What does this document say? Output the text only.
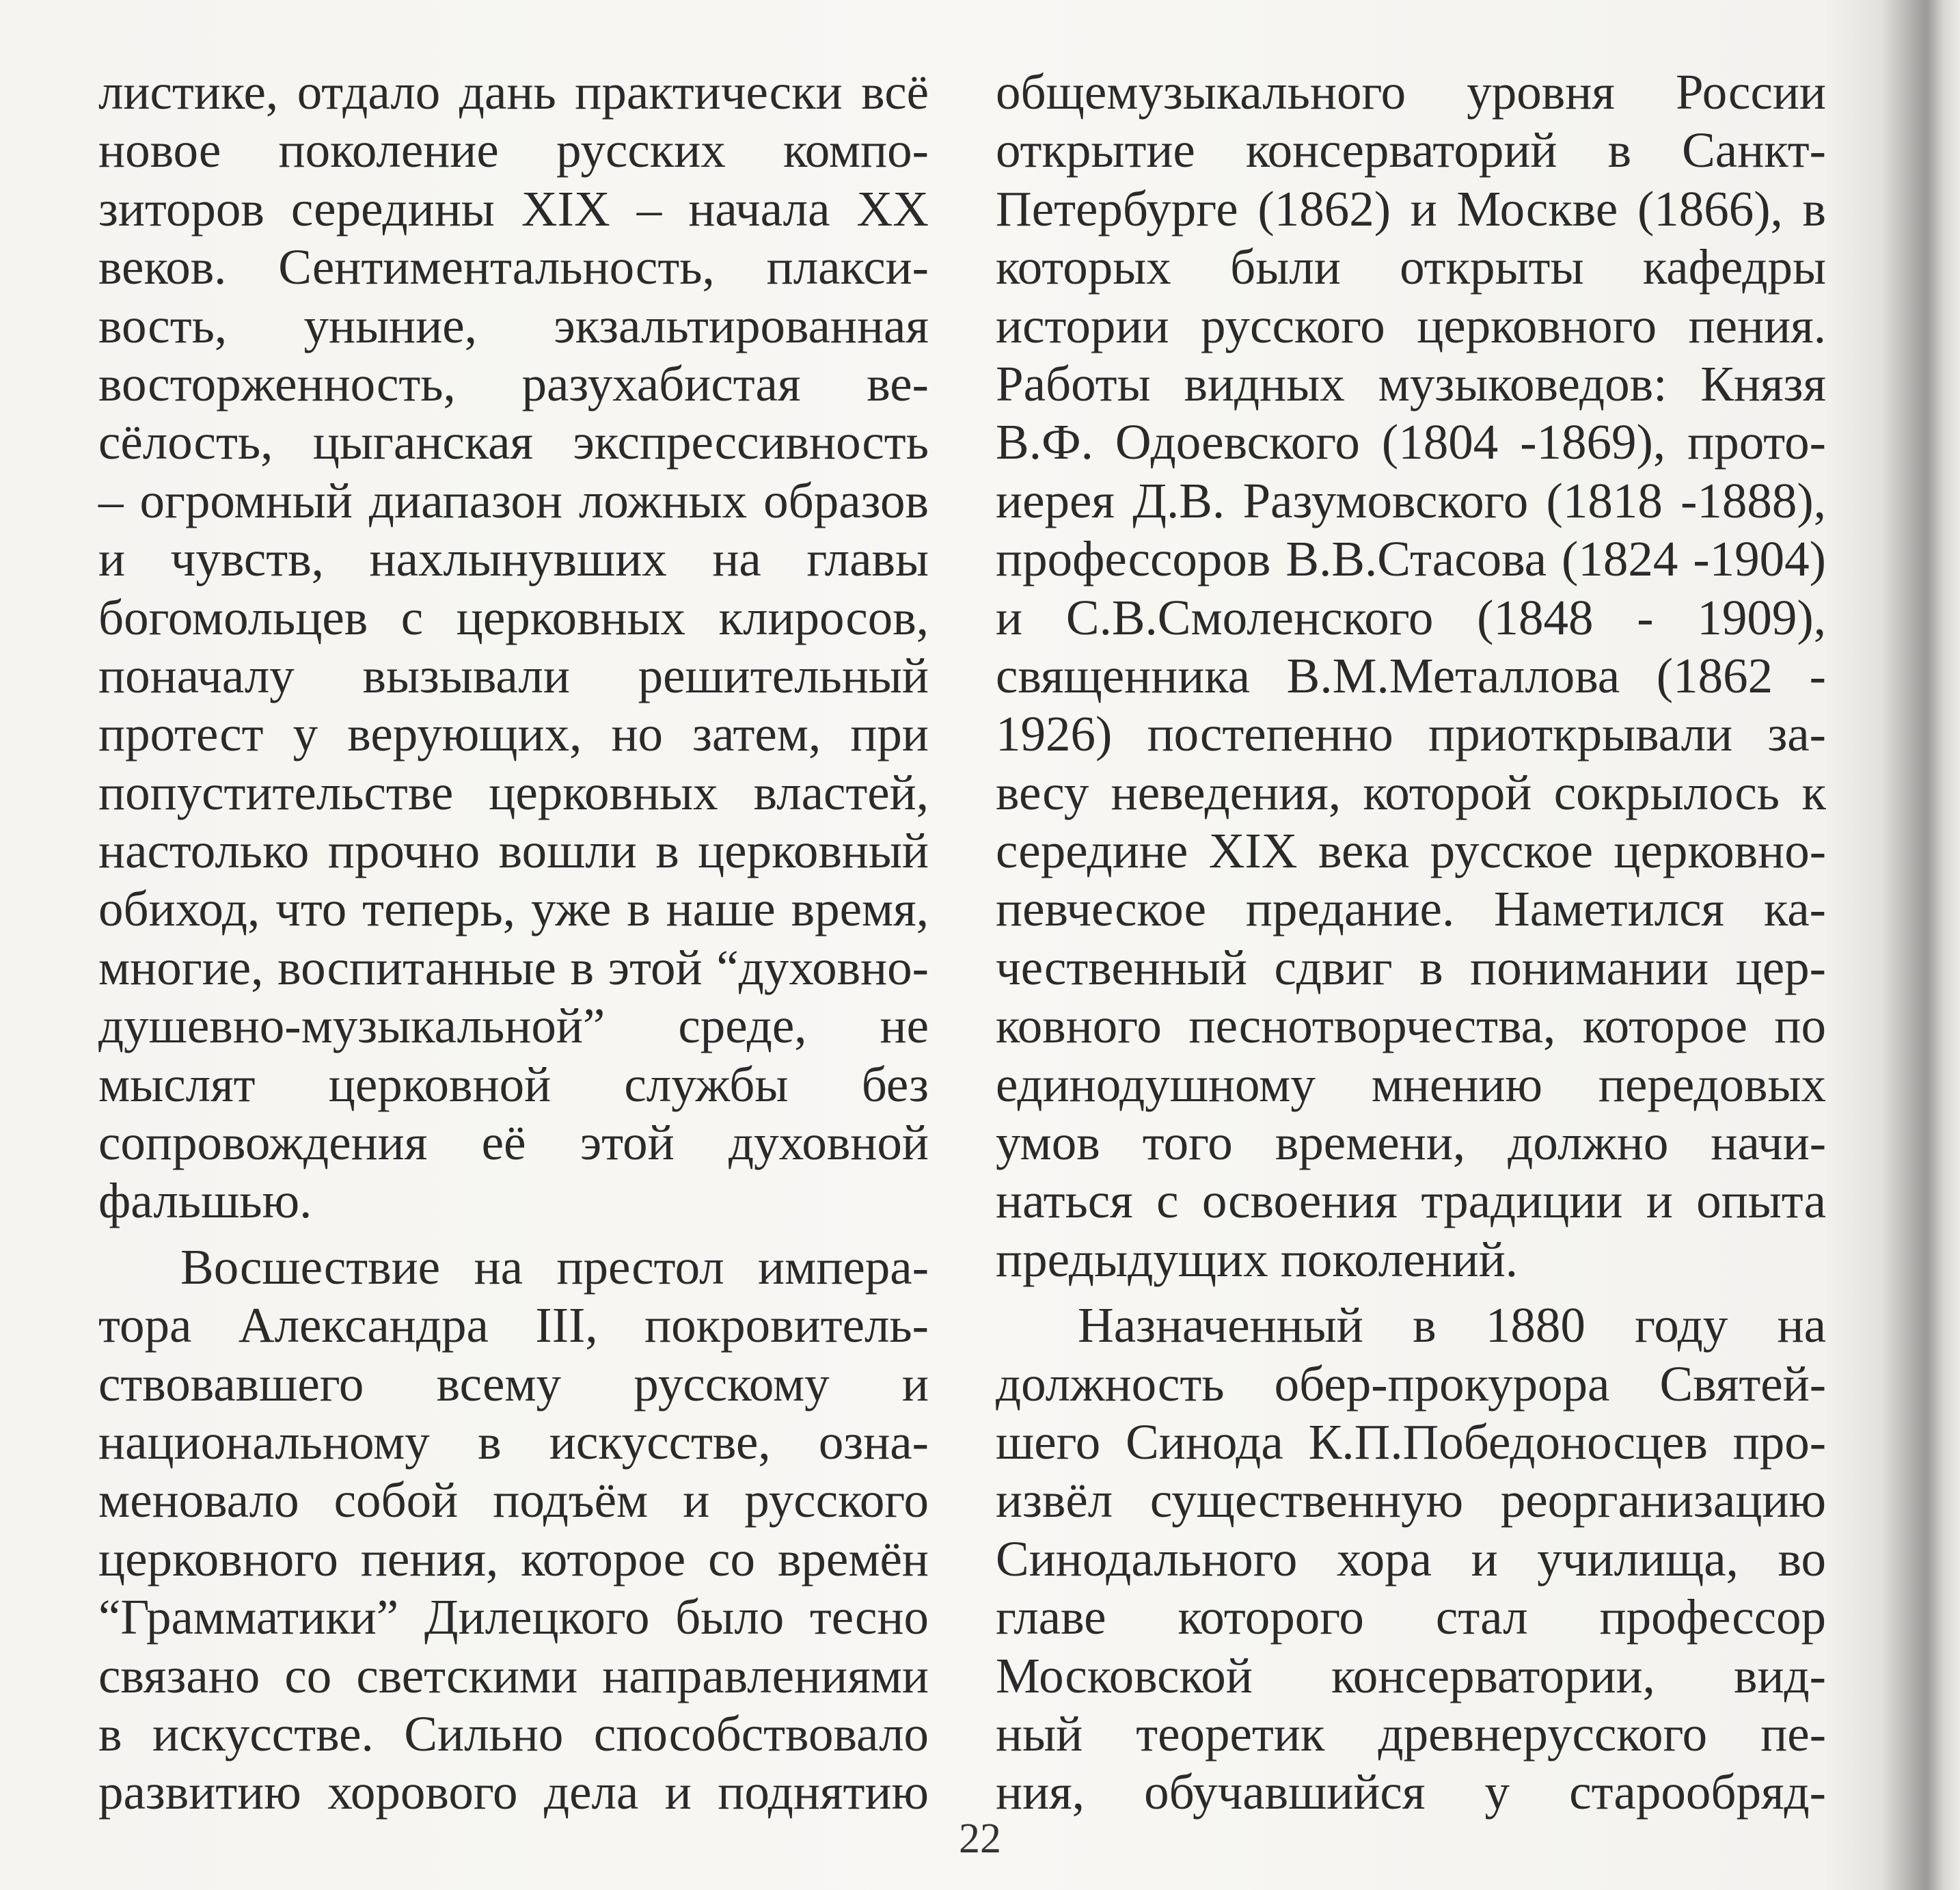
листике, отдало дань практически всё
новое поколение русских компо-
зиторов середины XIX – начала XX
веков. Сентиментальность, плакси-
вость, уныние, экзальтированная
восторженность, разухабистая ве-
сёлость, цыганская экспрессивность
– огромный диапазон ложных образов
и чувств, нахлынувших на главы
богомольцев с церковных клиросов,
поначалу вызывали решительный
протест у верующих, но затем, при
попустительстве церковных властей,
настолько прочно вошли в церковный
обиход, что теперь, уже в наше время,
многие, воспитанные в этой “духовно-
душевно-музыкальной” среде, не
мыслят церковной службы без
сопровождения её этой духовной
фальшью.
Восшествие на престол импера-
тора Александра III, покровитель-
ствовавшего всему русскому и
национальному в искусстве, озна-
меновало собой подъём и русского
церковного пения, которое со времён
“Грамматики” Дилецкого было тесно
связано со светскими направлениями
в искусстве. Сильно способствовало
развитию хорового дела и поднятию
общемузыкального уровня России
открытие консерваторий в Санкт-
Петербурге (1862) и Москве (1866), в
которых были открыты кафедры
истории русского церковного пения.
Работы видных музыковедов: Князя
В.Ф. Одоевского (1804 -1869), прото-
иерея Д.В. Разумовского (1818 -1888),
профессоров В.В.Стасова (1824 -1904)
и С.В.Смоленского (1848 - 1909),
священника В.М.Металлова (1862 -
1926) постепенно приоткрывали за-
весу неведения, которой сокрылось к
середине XIX века русское церковно-
певческое предание. Наметился ка-
чественный сдвиг в понимании цер-
ковного песнотворчества, которое по
единодушному мнению передовых
умов того времени, должно начи-
наться с освоения традиции и опыта
предыдущих поколений.
Назначенный в 1880 году на
должность обер-прокурора Святей-
шего Синода К.П.Победоносцев про-
извёл существенную реорганизацию
Синодального хора и училища, во
главе которого стал профессор
Московской консерватории, вид-
ный теоретик древнерусского пе-
ния, обучавшийся у старообряд-
22
